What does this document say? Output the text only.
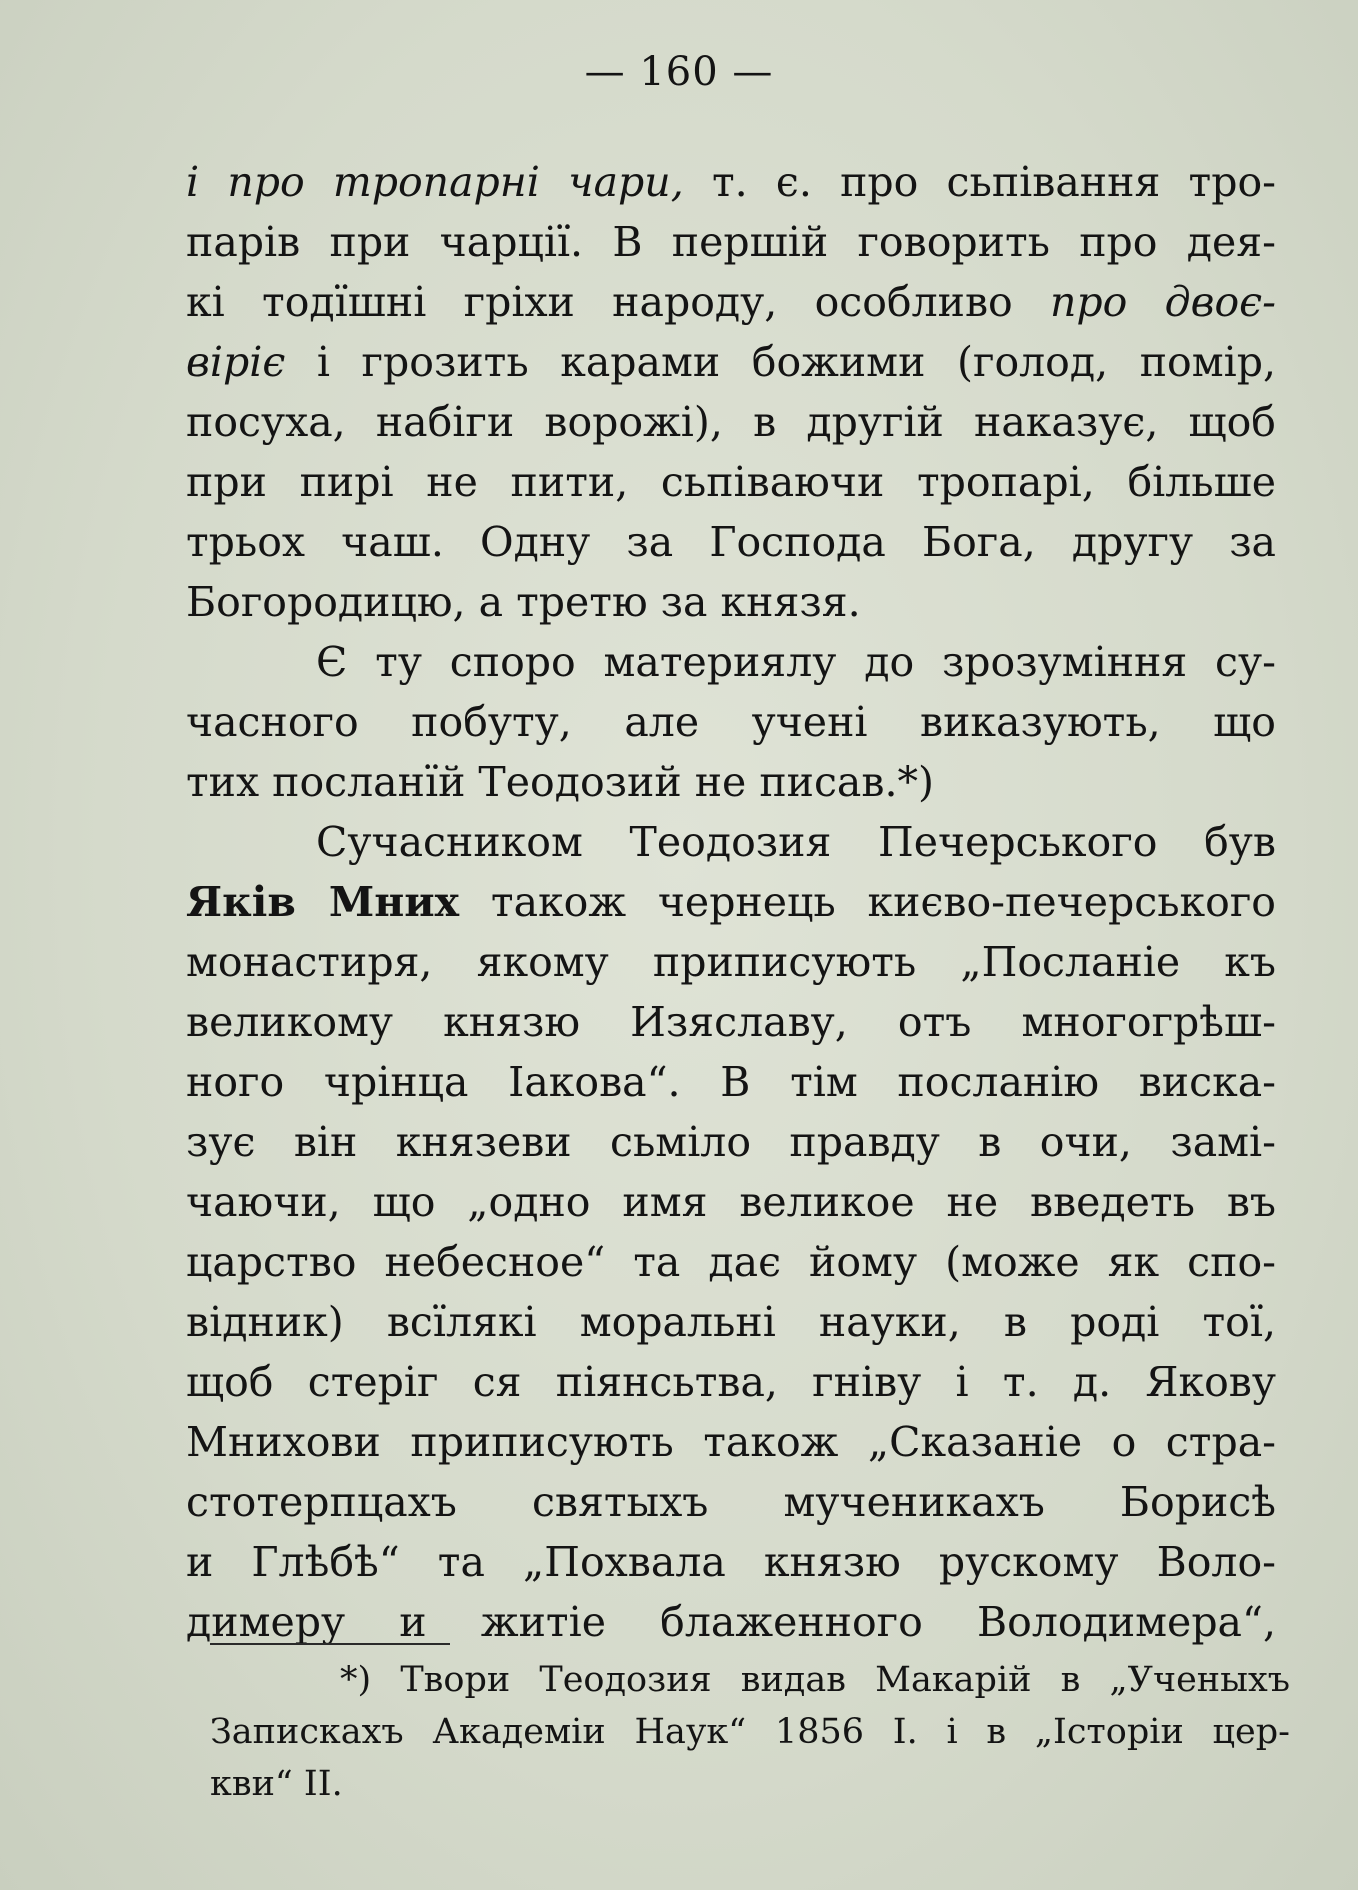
— 160 —

і про тропарні чари, т. є. про сьпівання тро-
парів при чарції. В першій говорить про дея-
кі тодїшні гріхи народу, особливо про двоє-
віріє і грозить карами божими (голод, помір,
посуха, набіги ворожі), в другій наказує, щоб
при пирі не пити, сьпіваючи тропарі, більше
трьох чаш. Одну за Господа Бога, другу за
Богородицю, а третю за князя.
Є ту споро материялу до зрозуміння су-
часного побуту, але учені виказують, що
тих посланїй Теодозий не писав.*)
Сучасником Теодозия Печерського був
Яків Мних також чернець києво-печерського
монастиря, якому приписують „Посланіе къ
великому князю Изяславу, отъ многогрѣш-
ного чрінца Іакова“. В тім посланію виска-
зує він князеви сьміло правду в очи, замі-
чаючи, що „одно имя великое не введеть въ
царство небесное“ та дає йому (може як спо-
відник) всїлякі моральні науки, в роді тої,
щоб стеріг ся піянсьтва, гніву і т. д. Якову
Мнихови приписують також „Сказаніе о стра-
стотерпцахъ святыхъ мученикахъ Борисѣ
и Глѣбѣ“ та „Похвала князю рускому Воло-
димеру и житіе блаженного Володимера“,
*) Твори Теодозия видав Макарій в „Ученыхъ
Запискахъ Академіи Наук“ 1856 І. і в „Історіи цер-
кви“ II.
